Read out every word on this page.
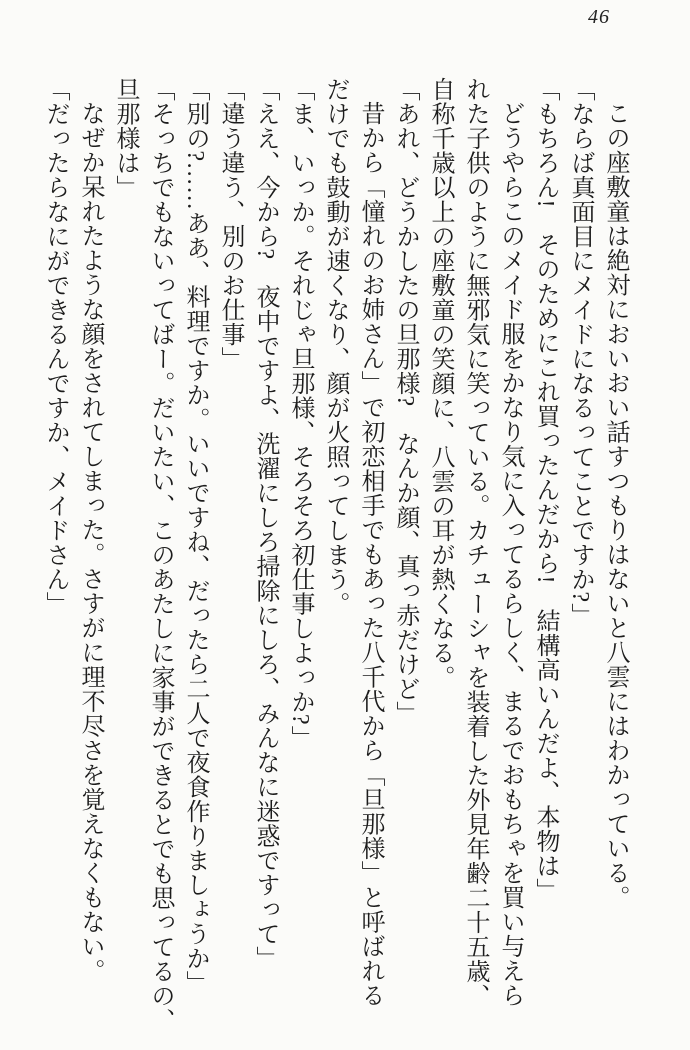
46
この座敷童は絶対においおい話すつもりはないと八雲にはわかっている。
「ならば真面目にメイドになるってことですか?」
「もちろん!　そのためにこれ買ったんだから!　結構高いんだよ、本物は」
どうやらこのメイド服をかなり気に入ってるらしく、まるでおもちゃを買い与えら
れた子供のように無邪気に笑っている。カチューシャを装着した外見年齢二十五歳、
自称千歳以上の座敷童の笑顔に、八雲の耳が熱くなる。
「あれ、どうかしたの旦那様?　なんか顔、真っ赤だけど」
昔から「憧れのお姉さん」で初恋相手でもあった八千代から「旦那様」と呼ばれる
だけでも鼓動が速くなり、顔が火照ってしまう。
「ま、いっか。それじゃ旦那様、そろそろ初仕事しよっか?」
「ええ、今から?　夜中ですよ、洗濯にしろ掃除にしろ、みんなに迷惑ですって」
「違う違う、別のお仕事」
「別の?……ああ、料理ですか。いいですね、だったら二人で夜食作りましょうか」
「そっちでもないってばー。だいたい、このあたしに家事ができるとでも思ってるの、
旦那様は」
なぜか呆れたような顔をされてしまった。さすがに理不尽さを覚えなくもない。
「だったらなにができるんですか、メイドさん」
